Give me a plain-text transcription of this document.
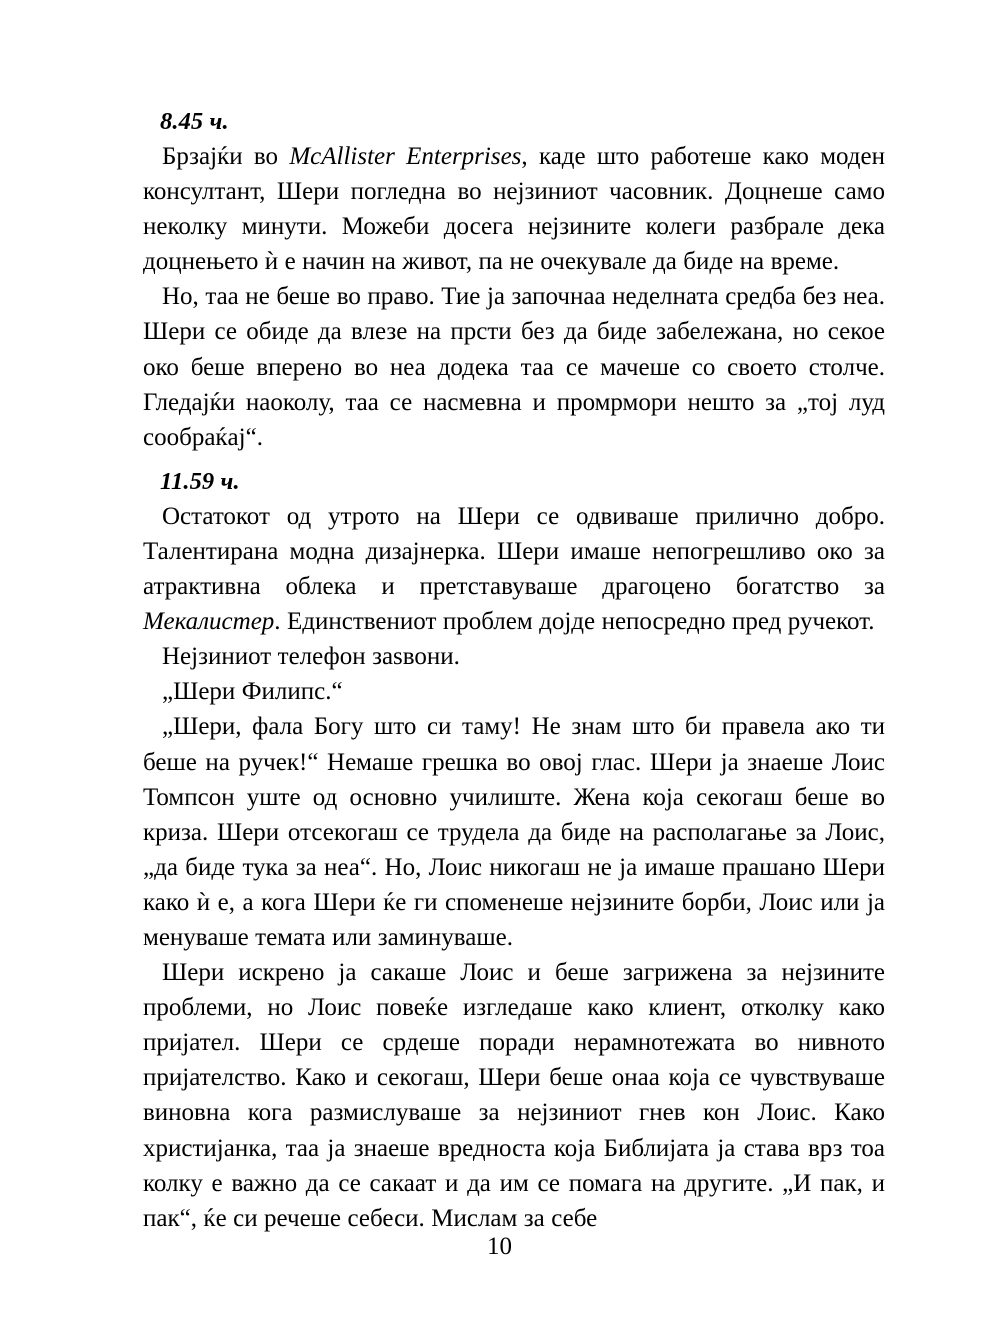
8.45 ч.

Брзајќи во McAllister Enterprises, каде што работеше како моден консултант, Шери погледна во нејзиниот часовник. Доцнеше само неколку минути. Можеби досега нејзините колеги разбрале дека доцнењето ѝ е начин на живот, па не очекувале да биде на време.

Но, таа не беше во право. Тие ја започнаа неделната средба без неа. Шери се обиде да влезе на прсти без да биде забележана, но секое око беше вперено во неа додека таа се мачеше со своето столче. Гледајќи наоколу, таа се насмевна и промрмори нешто за „тој луд сообраќај“.

11.59 ч.

Остатокот од утрото на Шери се одвиваше прилично добро. Талентирана модна дизајнерка. Шери имаше непогрешливо око за атрактивна облека и претставуваше драгоцено богатство за Мекалистер. Единствениот проблем дојде непосредно пред ручекот.

Нејзиниот телефон заѕвони.

„Шери Филипс.“

„Шери, фала Богу што си таму! Не знам што би правела ако ти беше на ручек!“ Немаше грешка во овој глас. Шери ја знаеше Лоис Томпсон уште од основно училиште. Жена која секогаш беше во криза. Шери отсекогаш се трудела да биде на располагање за Лоис, „да биде тука за неа“. Но, Лоис никогаш не ја имаше прашано Шери како ѝ е, а кога Шери ќе ги споменеше нејзините борби, Лоис или ја менуваше темата или заминуваше.

Шери искрено ја сакаше Лоис и беше загрижена за нејзините проблеми, но Лоис повеќе изгледаше како клиент, отколку како пријател. Шери се срдеше поради нерамнотежата во нивното пријателство. Како и секогаш, Шери беше онаа која се чувствуваше виновна кога размислуваше за нејзиниот гнев кон Лоис. Како христијанка, таа ја знаеше вредноста која Библијата ја става врз тоа колку е важно да се сакаат и да им се помага на другите. „И пак, и пак“, ќе си речеше себеси. Мислам за себе

10
